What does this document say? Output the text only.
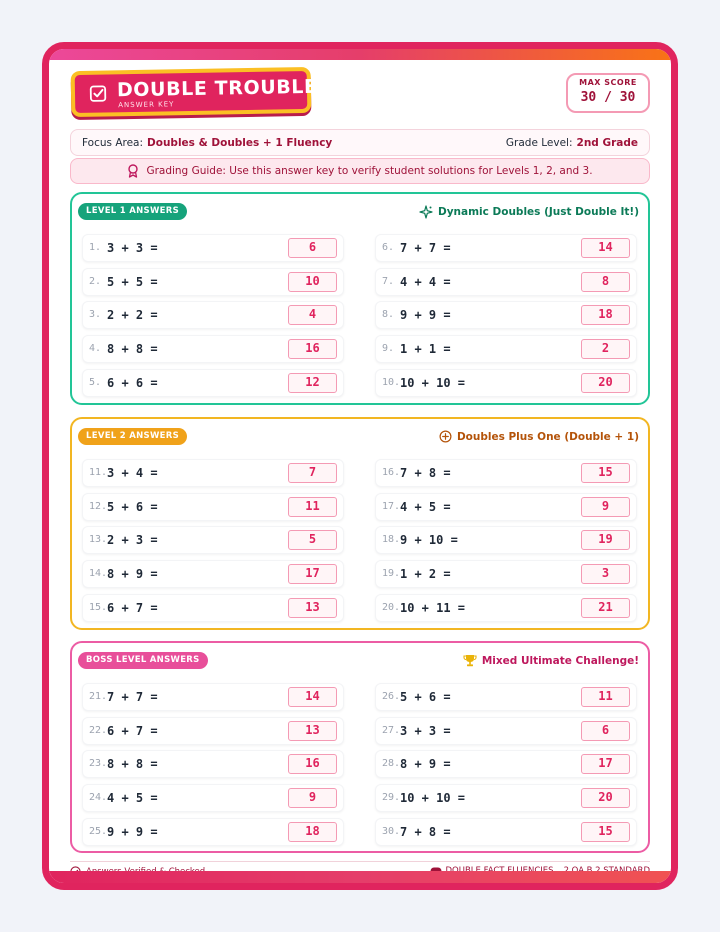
DOUBLE TROUBLE
ANSWER KEY
MAX SCORE
30 / 30
Focus Area: Doubles & Doubles + 1 Fluency	Grade Level: 2nd Grade
Grading Guide: Use this answer key to verify student solutions for Levels 1, 2, and 3.
LEVEL 1 ANSWERS	Dynamic Doubles (Just Double It!)
1. 3 + 3 =	6
2. 5 + 5 =	10
3. 2 + 2 =	4
4. 8 + 8 =	16
5. 6 + 6 =	12
6. 7 + 7 =	14
7. 4 + 4 =	8
8. 9 + 9 =	18
9. 1 + 1 =	2
10. 10 + 10 =	20
LEVEL 2 ANSWERS	Doubles Plus One (Double + 1)
11. 3 + 4 =	7
12. 5 + 6 =	11
13. 2 + 3 =	5
14. 8 + 9 =	17
15. 6 + 7 =	13
16. 7 + 8 =	15
17. 4 + 5 =	9
18. 9 + 10 =	19
19. 1 + 2 =	3
20. 10 + 11 =	21
BOSS LEVEL ANSWERS	Mixed Ultimate Challenge!
21. 7 + 7 =	14
22. 6 + 7 =	13
23. 8 + 8 =	16
24. 4 + 5 =	9
25. 9 + 9 =	18
26. 5 + 6 =	11
27. 3 + 3 =	6
28. 8 + 9 =	17
29. 10 + 10 =	20
30. 7 + 8 =	15
